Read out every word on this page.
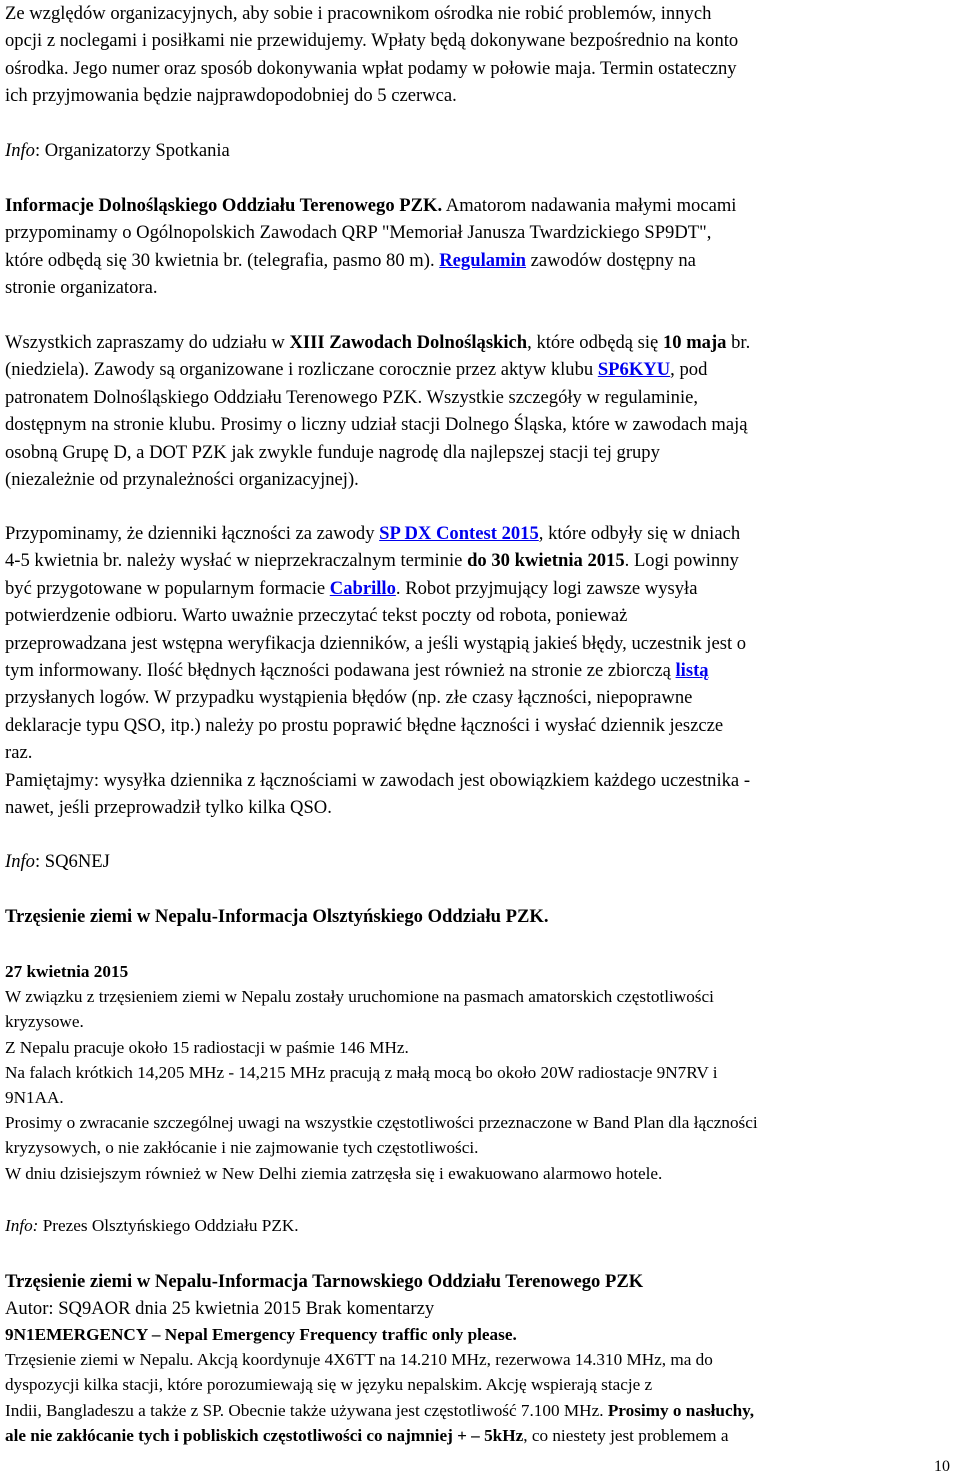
Ze względów organizacyjnych, aby sobie i pracownikom ośrodka nie robić problemów, innych
opcji z noclegami i posiłkami nie przewidujemy. Wpłaty będą dokonywane bezpośrednio na konto
ośrodka. Jego numer oraz sposób dokonywania wpłat podamy w połowie maja. Termin ostateczny
ich przyjmowania będzie najprawdopodobniej do 5 czerwca.
Info: Organizatorzy Spotkania
Informacje Dolnośląskiego Oddziału Terenowego PZK. Amatorom nadawania małymi mocami
przypominamy o Ogólnopolskich Zawodach QRP "Memoriał Janusza Twardzickiego SP9DT",
które odbędą się 30 kwietnia br. (telegrafia, pasmo 80 m). Regulamin zawodów dostępny na
stronie organizatora.
Wszystkich zapraszamy do udziału w XIII Zawodach Dolnośląskich, które odbędą się 10 maja br.
(niedziela). Zawody są organizowane i rozliczane corocznie przez aktyw klubu SP6KYU, pod
patronatem Dolnośląskiego Oddziału Terenowego PZK. Wszystkie szczegóły w regulaminie,
dostępnym na stronie klubu. Prosimy o liczny udział stacji Dolnego Śląska, które w zawodach mają
osobną Grupę D, a DOT PZK jak zwykle funduje nagrodę dla najlepszej stacji tej grupy
(niezależnie od przynależności organizacyjnej).
Przypominamy, że dzienniki łączności za zawody SP DX Contest 2015, które odbyły się w dniach
4-5 kwietnia br. należy wysłać w nieprzekraczalnym terminie do 30 kwietnia 2015. Logi powinny
być przygotowane w popularnym formacie Cabrillo. Robot przyjmujący logi zawsze wysyła
potwierdzenie odbioru. Warto uważnie przeczytać tekst poczty od robota, ponieważ
przeprowadzana jest wstępna weryfikacja dzienników, a jeśli wystąpią jakieś błędy, uczestnik jest o
tym informowany. Ilość błędnych łączności podawana jest również na stronie ze zbiorczą listą
przysłanych logów. W przypadku wystąpienia błędów (np. złe czasy łączności, niepoprawne
deklaracje typu QSO, itp.) należy po prostu poprawić błędne łączności i wysłać dziennik jeszcze
raz.
Pamiętajmy: wysyłka dziennika z łącznościami w zawodach jest obowiązkiem każdego uczestnika -
nawet, jeśli przeprowadził tylko kilka QSO.
Info: SQ6NEJ
Trzęsienie ziemi w Nepalu-Informacja Olsztyńskiego Oddziału PZK.
27 kwietnia 2015
W związku z trzęsieniem ziemi w Nepalu zostały uruchomione na pasmach amatorskich częstotliwości
kryzysowe.
Z Nepalu pracuje około 15 radiostacji w paśmie 146 MHz.
Na falach krótkich 14,205 MHz - 14,215 MHz pracują z małą mocą bo około 20W radiostacje 9N7RV i
9N1AA.
Prosimy o zwracanie szczególnej uwagi na wszystkie częstotliwości przeznaczone w Band Plan dla łączności
kryzysowych, o nie zakłócanie i nie zajmowanie tych częstotliwości.
W dniu dzisiejszym również w New Delhi ziemia zatrzęsła się i ewakuowano alarmowo hotele.
Info: Prezes Olsztyńskiego Oddziału PZK.
Trzęsienie ziemi w Nepalu-Informacja Tarnowskiego Oddziału Terenowego PZK
Autor: SQ9AOR dnia 25 kwietnia 2015 Brak komentarzy
9N1EMERGENCY – Nepal Emergency Frequency traffic only please.
Trzęsienie ziemi w Nepalu. Akcją koordynuje 4X6TT na 14.210 MHz, rezerwowa 14.310 MHz, ma do
dyspozycji kilka stacji, które porozumiewają się w języku nepalskim. Akcję wspierają stacje z
Indii, Bangladeszu a także z SP. Obecnie także używana jest częstotliwość 7.100 MHz. Prosimy o nasłuchy,
ale nie zakłócanie tych i pobliskich częstotliwości co najmniej + – 5kHz, co niestety jest problemem a
10
